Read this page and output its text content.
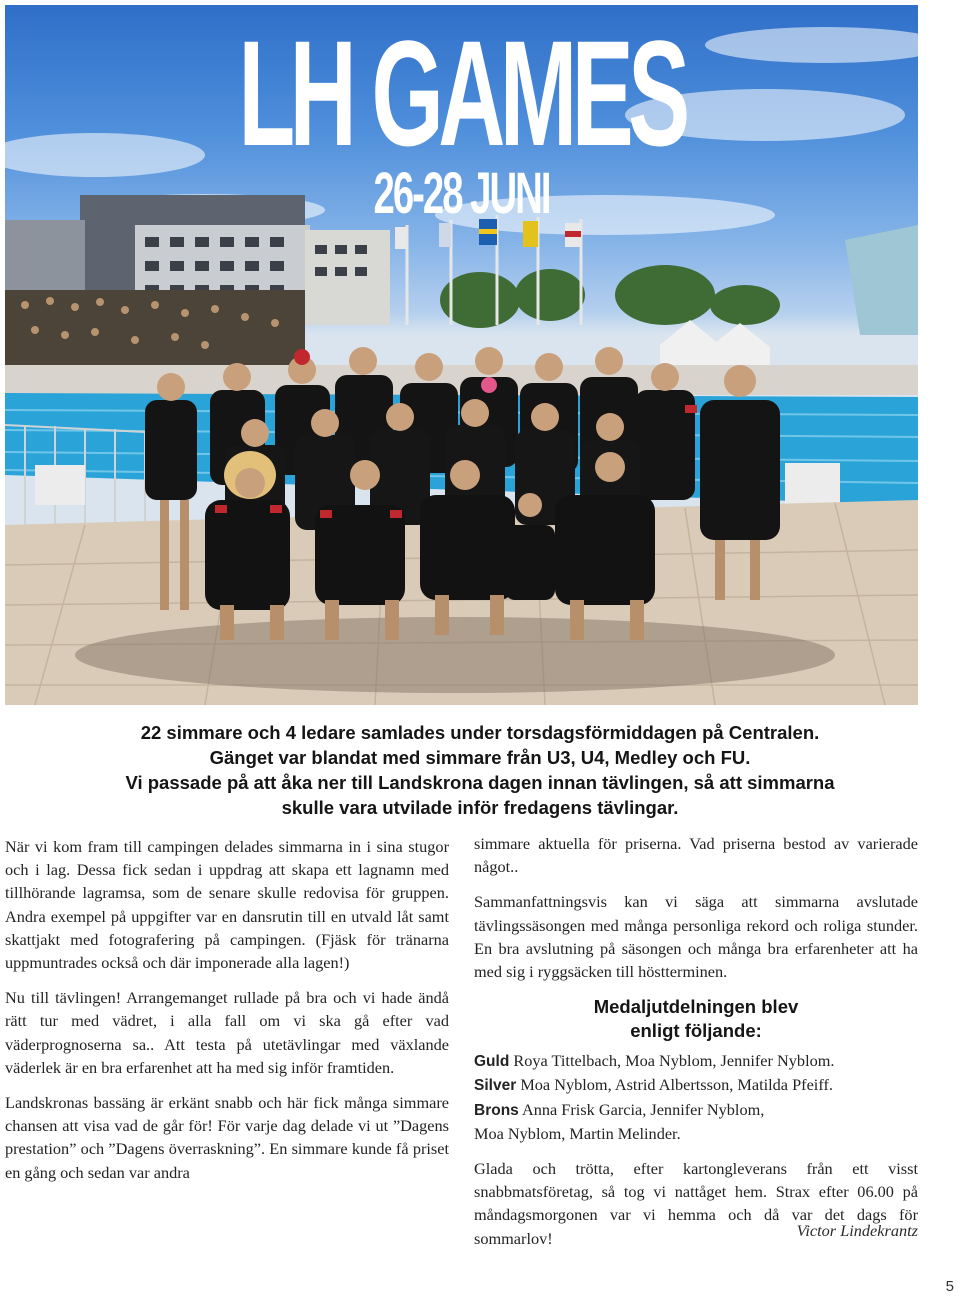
LH GAMES
26-28 JUNI
22 simmare och 4 ledare samlades under torsdagsförmiddagen på Centralen.
Gänget var blandat med simmare från U3, U4, Medley och FU.
Vi passade på att åka ner till Landskrona dagen innan tävlingen, så att simmarna
skulle vara utvilade inför fredagens tävlingar.

När vi kom fram till campingen delades simmarna in i sina stugor och i lag. Dessa fick sedan i uppdrag att skapa ett lagnamn med tillhörande lagramsa, som de senare skulle redovisa för gruppen. Andra exempel på uppgifter var en dansrutin till en utvald låt samt skattjakt med fotografering på campingen. (Fjäsk för tränarna uppmuntrades också och där imponerade alla lagen!)

Nu till tävlingen! Arrangemanget rullade på bra och vi hade ändå rätt tur med vädret, i alla fall om vi ska gå efter vad väderprognoserna sa.. Att testa på utetävlingar med växlande väderlek är en bra erfarenhet att ha med sig inför framtiden.

Landskronas bassäng är erkänt snabb och här fick många simmare chansen att visa vad de går för! För varje dag delade vi ut ”Dagens prestation” och ”Dagens överraskning”. En simmare kunde få priset en gång och sedan var andra

simmare aktuella för priserna. Vad priserna bestod av varierade något..

Sammanfattningsvis kan vi säga att simmarna avslutade tävlingssäsongen med många personliga rekord och roliga stunder. En bra avslutning på säsongen och många bra erfarenheter att ha med sig i ryggsäcken till höstterminen.

Medaljutdelningen blev
enligt följande:
Guld Roya Tittelbach, Moa Nyblom, Jennifer Nyblom.
Silver Moa Nyblom, Astrid Albertsson, Matilda Pfeiff.
Brons Anna Frisk Garcia, Jennifer Nyblom,
Moa Nyblom, Martin Melinder.

Glada och trötta, efter kartongleverans från ett visst snabbmatsföretag, så tog vi nattåget hem. Strax efter 06.00 på måndagsmorgonen var vi hemma och då var det dags för sommarlov!	Victor Lindekrantz
5
